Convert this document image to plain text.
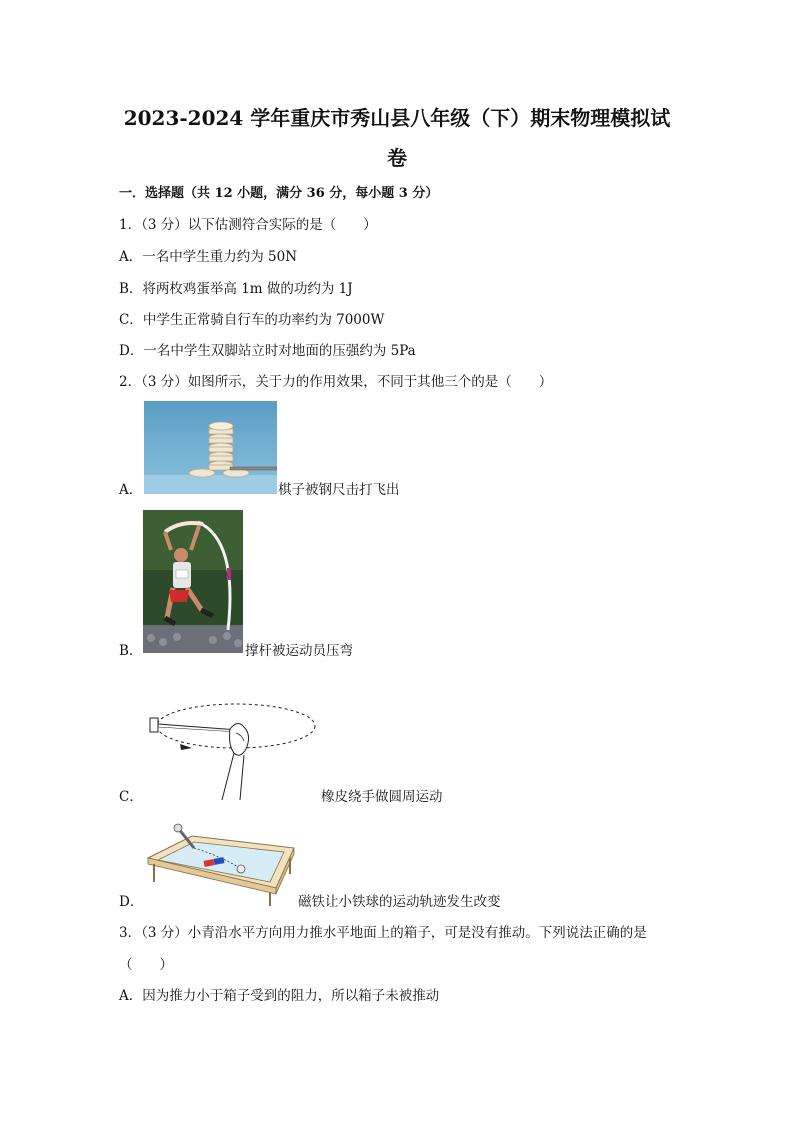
2023-2024 学年重庆市秀山县八年级（下）期末物理模拟试
卷
一．选择题（共 12 小题，满分 36 分，每小题 3 分）
1．（3 分）以下估测符合实际的是（　　）
A．一名中学生重力约为 50N
B．将两枚鸡蛋举高 1m 做的功约为 1J
C．中学生正常骑自行车的功率约为 7000W
D．一名中学生双脚站立时对地面的压强约为 5Pa
2．（3 分）如图所示，关于力的作用效果，不同于其他三个的是（　　）
A．	棋子被钢尺击打飞出
B．	撑杆被运动员压弯
C．	橡皮绕手做圆周运动
D．	磁铁让小铁球的运动轨迹发生改变
3．（3 分）小青沿水平方向用力推水平地面上的箱子，可是没有推动。下列说法正确的是
（　　）
A．因为推力小于箱子受到的阻力，所以箱子未被推动
